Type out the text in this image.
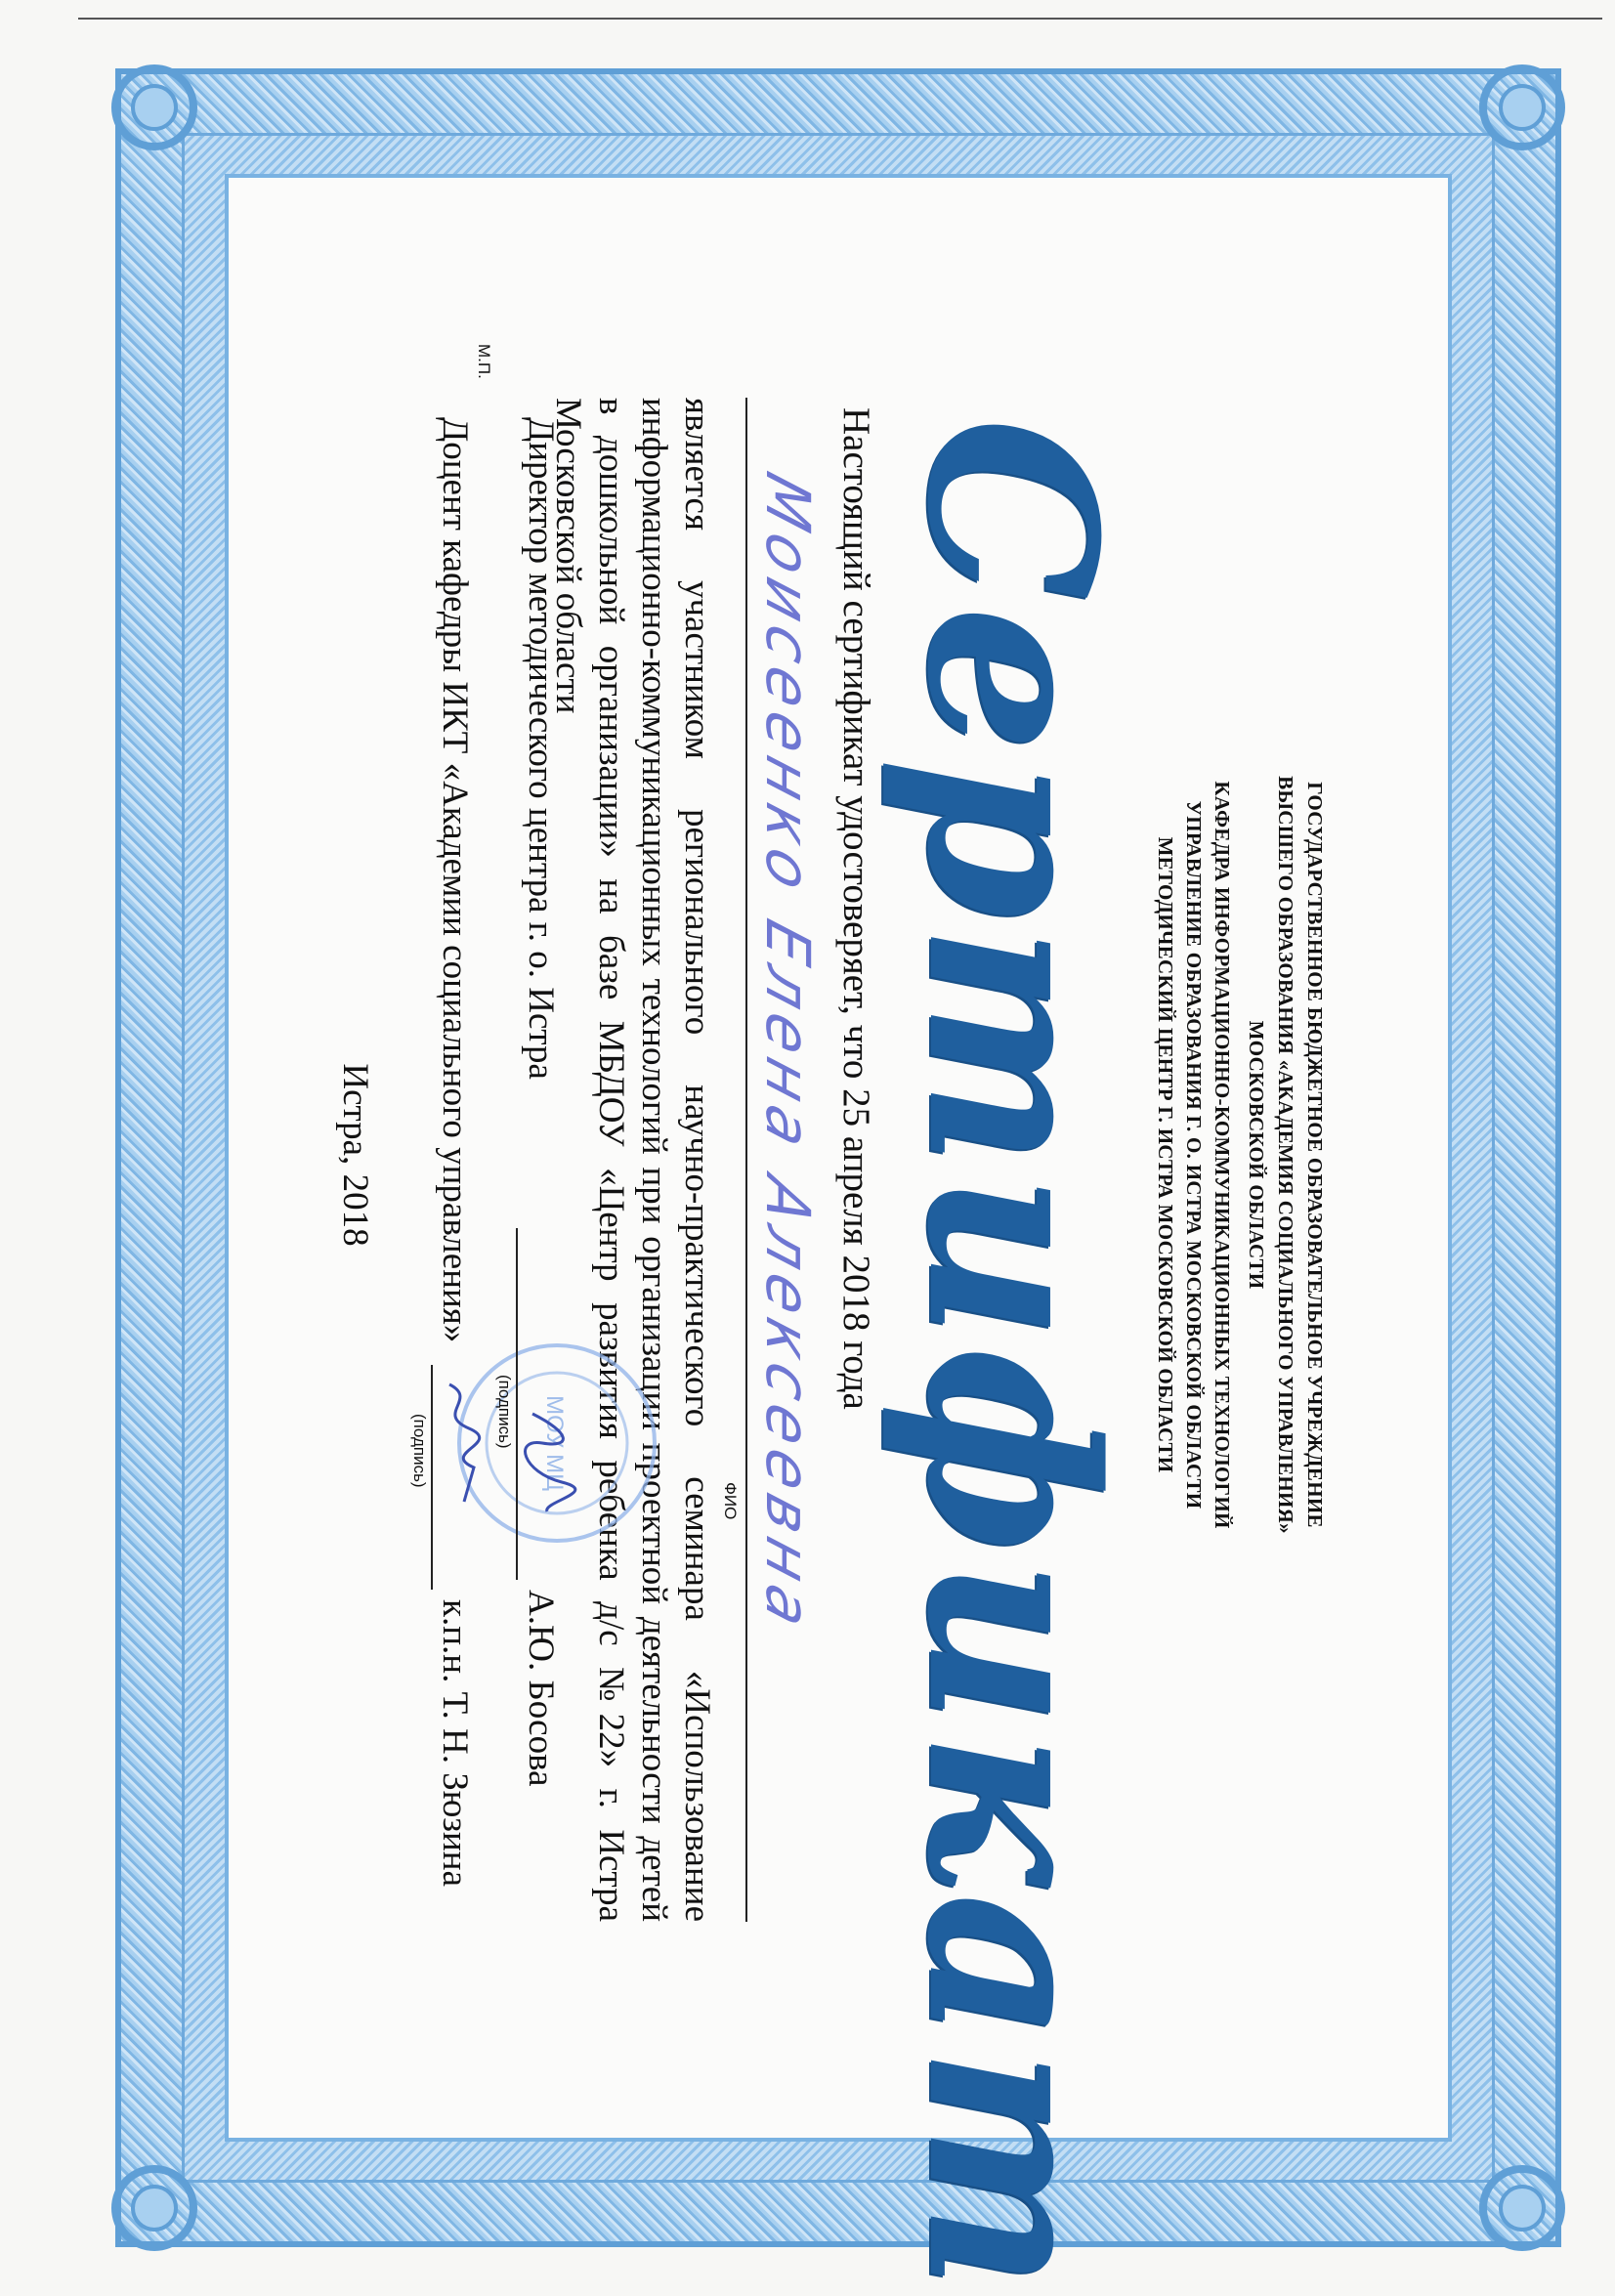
ГОСУДАРСТВЕННОЕ БЮДЖЕТНОЕ ОБРАЗОВАТЕЛЬНОЕ УЧРЕЖДЕНИЕ
ВЫСШЕГО ОБРАЗОВАНИЯ «АКАДЕМИЯ СОЦИАЛЬНОГО УПРАВЛЕНИЯ»
МОСКОВСКОЙ ОБЛАСТИ
КАФЕДРА ИНФОРМАЦИОННО-КОММУНИКАЦИОННЫХ ТЕХНОЛОГИЙ
УПРАВЛЕНИЕ ОБРАЗОВАНИЯ Г. О. ИСТРА МОСКОВСКОЙ ОБЛАСТИ
МЕТОДИЧЕСКИЙ ЦЕНТР Г. ИСТРА МОСКОВСКОЙ ОБЛАСТИ
Сертификат
Настоящий сертификат удостоверяет, что 25 апреля 2018 года
Моисеенко Елена Алексеевна
ФИО
является участником регионального научно-практического семинара «Использование информационно-коммуникационных технологий при организации проектной деятельности детей в дошкольной организации» на базе МБДОУ «Центр развития ребенка д/с №22» г. Истра Московской области
МОУ МЦ
М.П.
Директор методического центра г. о. Истра
(подпись)
А.Ю. Босова
Доцент кафедры ИКТ «Академии социального управления»
(подпись)
к.п.н. Т. Н. Зюзина
Истра, 2018
